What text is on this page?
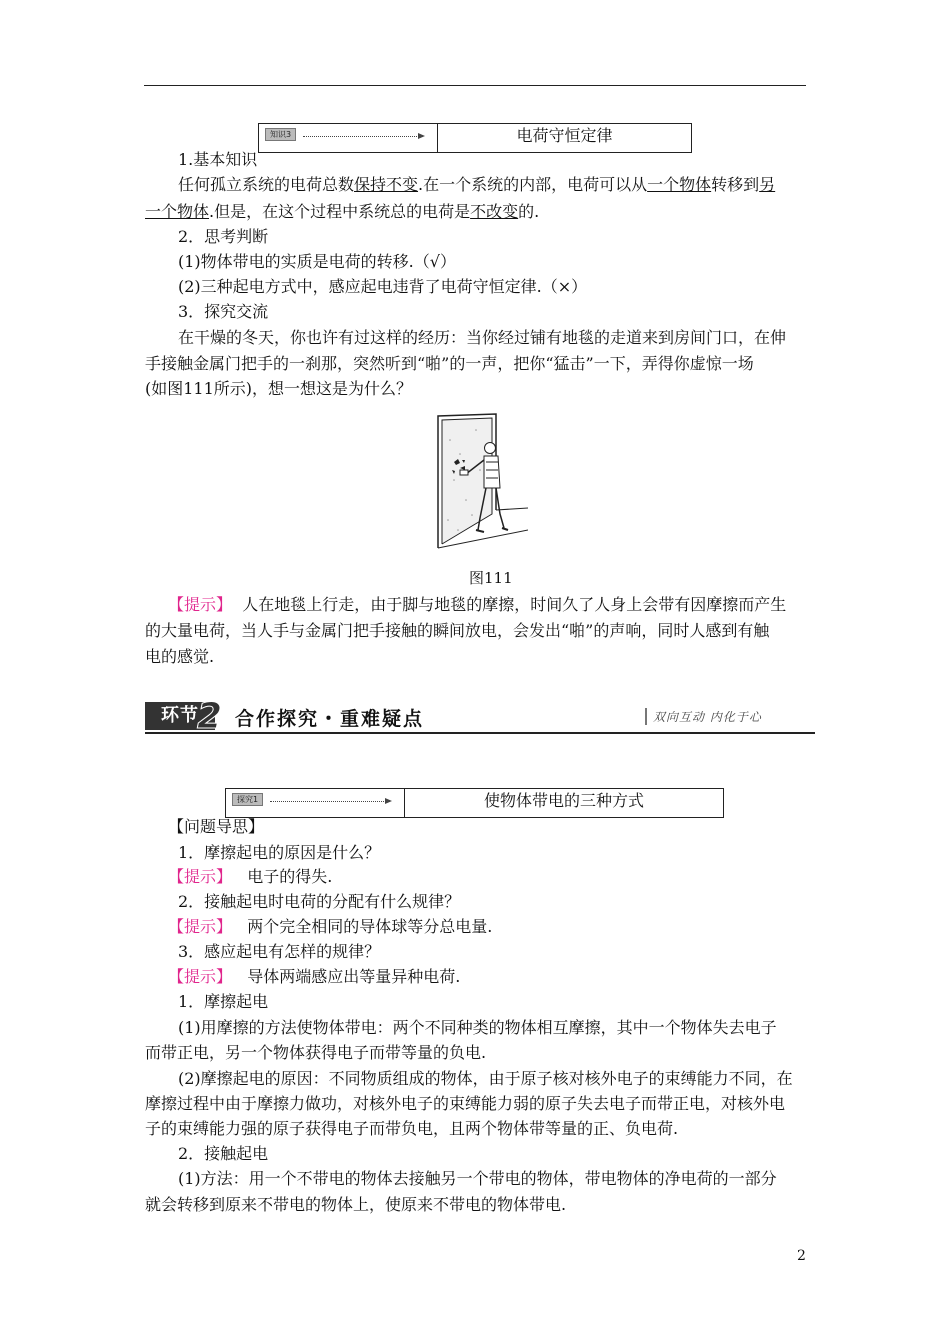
知识3	电荷守恒定律
1.基本知识
任何孤立系统的电荷总数保持不变.在一个系统的内部，电荷可以从一个物体转移到另
一个物体.但是，在这个过程中系统总的电荷是不改变的.
2．思考判断
(1)物体带电的实质是电荷的转移.（√）
(2)三种起电方式中，感应起电违背了电荷守恒定律.（×）
3．探究交流
在干燥的冬天，你也许有过这样的经历：当你经过铺有地毯的走道来到房间门口，在伸
手接触金属门把手的一刹那，突然听到“啪”的一声，把你“猛击”一下，弄得你虚惊一场
(如图111所示)，想一想这是为什么？
图111
【提示】 人在地毯上行走，由于脚与地毯的摩擦，时间久了人身上会带有因摩擦而产生
的大量电荷，当人手与金属门把手接触的瞬间放电，会发出“啪”的声响，同时人感到有触
电的感觉.
环节
2 合作探究・重难疑点	双向互动 内化于心
探究1	使物体带电的三种方式
【问题导思】
1．摩擦起电的原因是什么？
【提示】 电子的得失.
2．接触起电时电荷的分配有什么规律？
【提示】 两个完全相同的导体球等分总电量.
3．感应起电有怎样的规律？
【提示】 导体两端感应出等量异种电荷.
1．摩擦起电
(1)用摩擦的方法使物体带电：两个不同种类的物体相互摩擦，其中一个物体失去电子
而带正电，另一个物体获得电子而带等量的负电.
(2)摩擦起电的原因：不同物质组成的物体，由于原子核对核外电子的束缚能力不同，在
摩擦过程中由于摩擦力做功，对核外电子的束缚能力弱的原子失去电子而带正电，对核外电
子的束缚能力强的原子获得电子而带负电，且两个物体带等量的正、负电荷.
2．接触起电
(1)方法：用一个不带电的物体去接触另一个带电的物体，带电物体的净电荷的一部分
就会转移到原来不带电的物体上，使原来不带电的物体带电.
2
